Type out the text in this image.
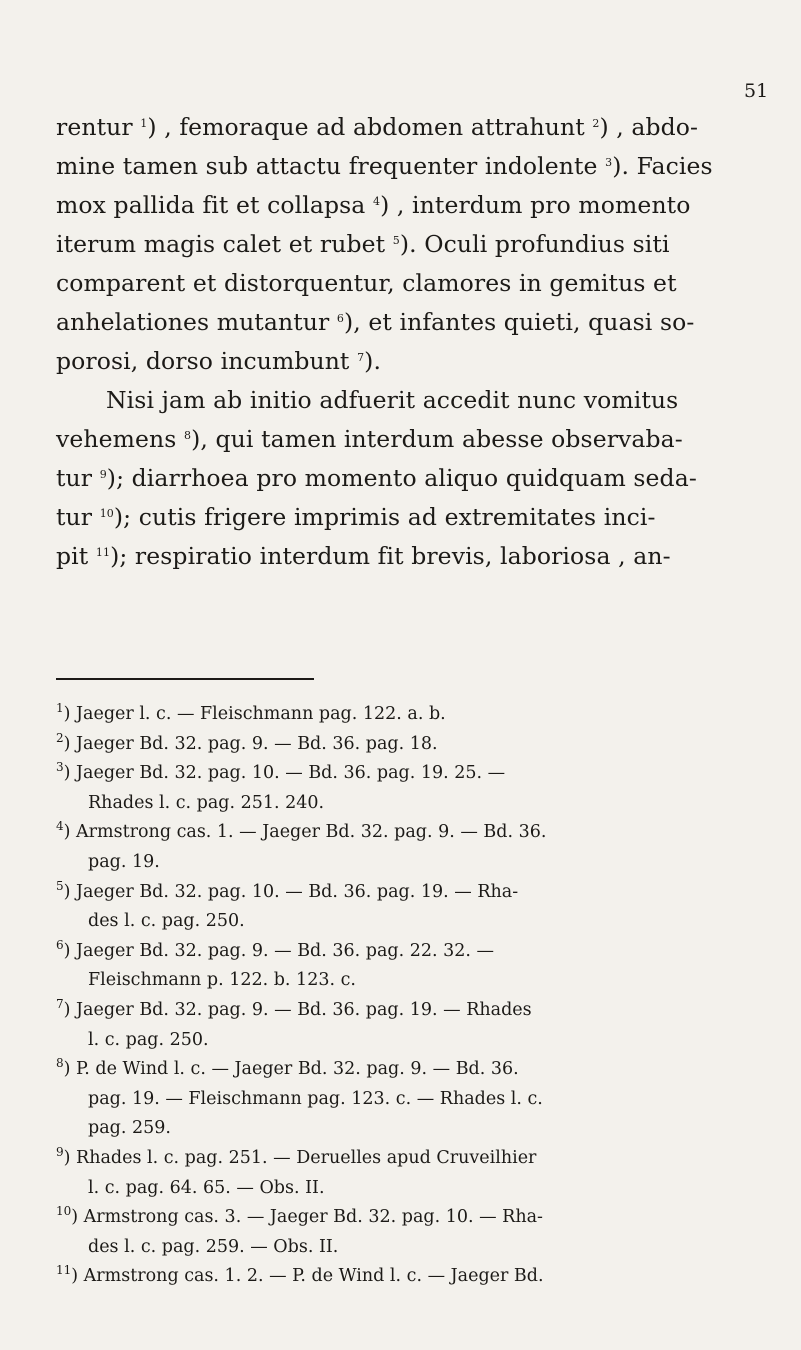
51
rentur $^1$) , femoraque ad abdomen attrahunt $^2$) , abdo-
mine tamen sub attactu frequenter indolente $^3$). Facies
mox pallida fit et collapsa $^4$) , interdum pro momento
iterum magis calet et rubet $^5$). Oculi profundius siti
comparent et distorquentur, clamores in gemitus et
anhelationes mutantur $^6$), et infantes quieti, quasi so-
porosi, dorso incumbunt $^7$).
Nisi jam ab initio adfuerit accedit nunc vomitus
vehemens $^8$), qui tamen interdum abesse observaba-
tur $^9$); diarrhoea pro momento aliquo quidquam seda-
tur $^{10}$); cutis frigere imprimis ad extremitates inci-
pit $^{11}$); respiratio interdum fit brevis, laboriosa , an-
$^1$) Jaeger l. c. — Fleischmann pag. 122. a. b.
$^2$) Jaeger Bd. 32. pag. 9. — Bd. 36. pag. 18.
$^3$) Jaeger Bd. 32. pag. 10. — Bd. 36. pag. 19. 25. —
Rhades l. c. pag. 251. 240.
$^4$) Armstrong cas. 1. — Jaeger Bd. 32. pag. 9. — Bd. 36.
pag. 19.
$^5$) Jaeger Bd. 32. pag. 10. — Bd. 36. pag. 19. — Rha-
des l. c. pag. 250.
$^6$) Jaeger Bd. 32. pag. 9. — Bd. 36. pag. 22. 32. —
Fleischmann p. 122. b. 123. c.
$^7$) Jaeger Bd. 32. pag. 9. — Bd. 36. pag. 19. — Rhades
l. c. pag. 250.
$^8$) P. de Wind l. c. — Jaeger Bd. 32. pag. 9. — Bd. 36.
pag. 19. — Fleischmann pag. 123. c. — Rhades l. c.
pag. 259.
$^9$) Rhades l. c. pag. 251. — Deruelles apud Cruveilhier
l. c. pag. 64. 65. — Obs. II.
$^{10}$) Armstrong cas. 3. — Jaeger Bd. 32. pag. 10. — Rha-
des l. c. pag. 259. — Obs. II.
$^{11}$) Armstrong cas. 1. 2. — P. de Wind l. c. — Jaeger Bd.
